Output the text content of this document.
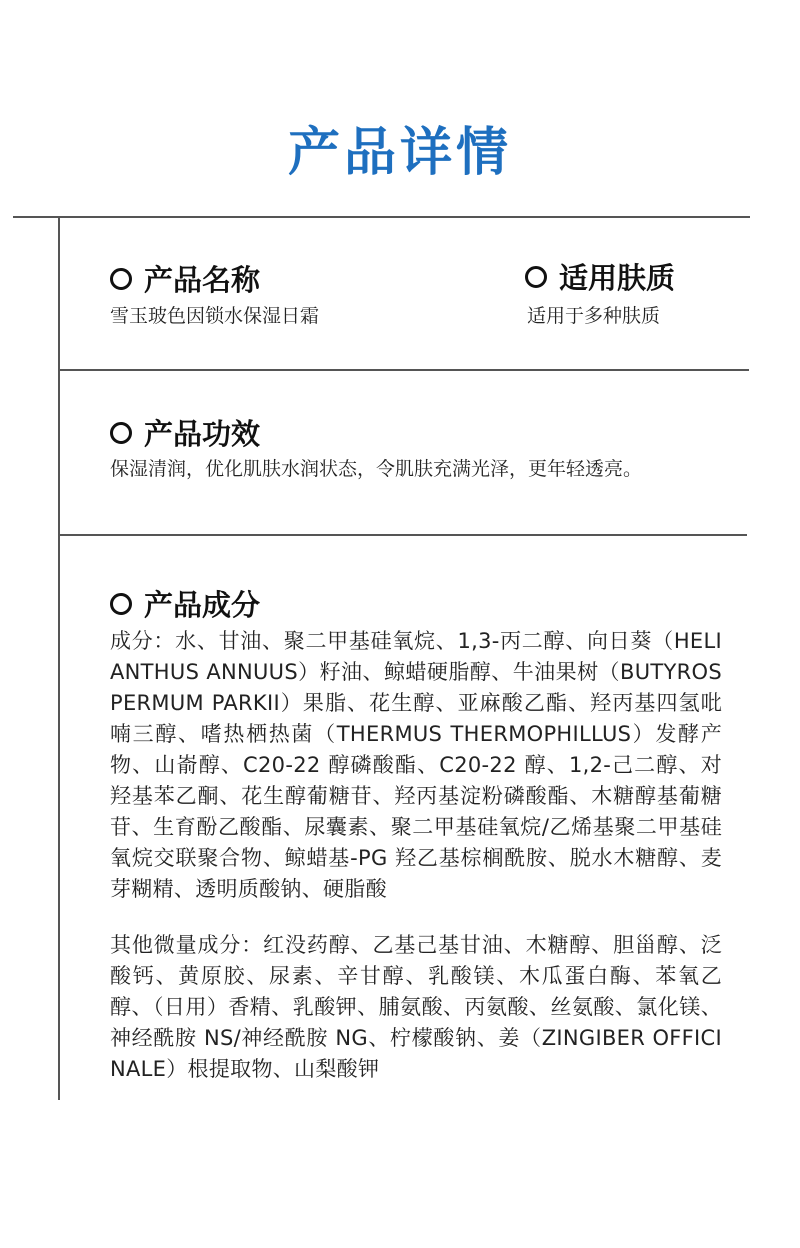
产品详情
产品名称
雪玉玻色因锁水保湿日霜
适用肤质
适用于多种肤质
产品功效
保湿清润，优化肌肤水润状态，令肌肤充满光泽，更年轻透亮。
产品成分
成分：水、甘油、聚二甲基硅氧烷、1,3-丙二醇、向日葵（HELIANTHUS ANNUUS）籽油、鲸蜡硬脂醇、牛油果树（BUTYROSPERMUM PARKII）果脂、花生醇、亚麻酸乙酯、羟丙基四氢吡喃三醇、嗜热栖热菌（THERMUS THERMOPHILLUS）发酵产物、山嵛醇、C20-22 醇磷酸酯、C20-22 醇、1,2-己二醇、对羟基苯乙酮、花生醇葡糖苷、羟丙基淀粉磷酸酯、木糖醇基葡糖苷、生育酚乙酸酯、尿囊素、聚二甲基硅氧烷/乙烯基聚二甲基硅氧烷交联聚合物、鲸蜡基-PG 羟乙基棕榈酰胺、脱水木糖醇、麦芽糊精、透明质酸钠、硬脂酸
其他微量成分：红没药醇、乙基己基甘油、木糖醇、胆甾醇、泛酸钙、黄原胶、尿素、辛甘醇、乳酸镁、木瓜蛋白酶、苯氧乙醇、（日用）香精、乳酸钾、脯氨酸、丙氨酸、丝氨酸、氯化镁、神经酰胺 NS/神经酰胺 NG、柠檬酸钠、姜（ZINGIBER OFFICINALE）根提取物、山梨酸钾
